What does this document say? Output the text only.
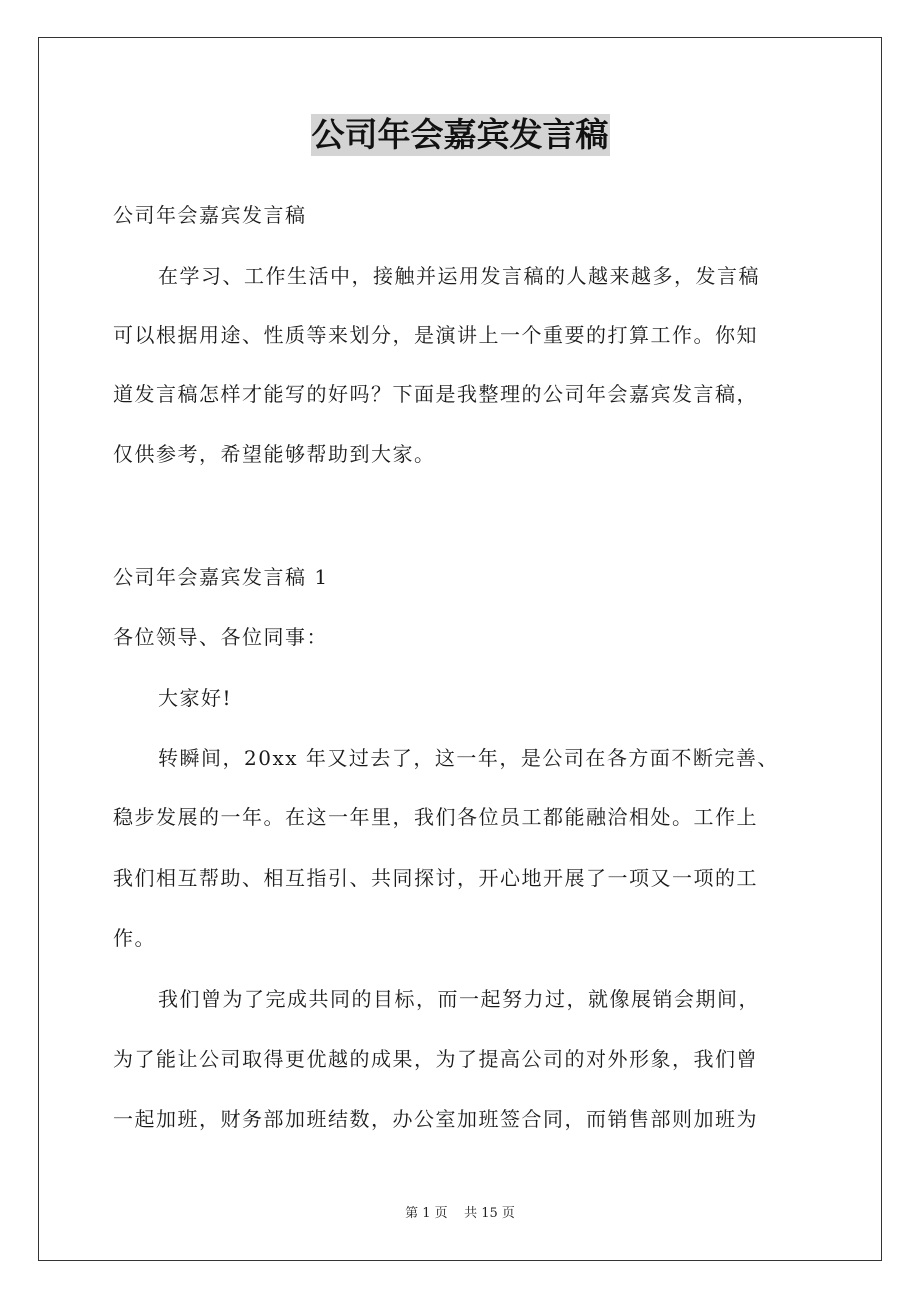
公司年会嘉宾发言稿
公司年会嘉宾发言稿
在学习、工作生活中，接触并运用发言稿的人越来越多，发言稿
可以根据用途、性质等来划分，是演讲上一个重要的打算工作。你知
道发言稿怎样才能写的好吗？下面是我整理的公司年会嘉宾发言稿，
仅供参考，希望能够帮助到大家。
公司年会嘉宾发言稿 1
各位领导、各位同事：
大家好!
转瞬间，20xx 年又过去了，这一年，是公司在各方面不断完善、
稳步发展的一年。在这一年里，我们各位员工都能融洽相处。工作上
我们相互帮助、相互指引、共同探讨，开心地开展了一项又一项的工
作。
我们曾为了完成共同的目标，而一起努力过，就像展销会期间，
为了能让公司取得更优越的成果，为了提高公司的对外形象，我们曾
一起加班，财务部加班结数，办公室加班签合同，而销售部则加班为
第 1 页    共 15 页
